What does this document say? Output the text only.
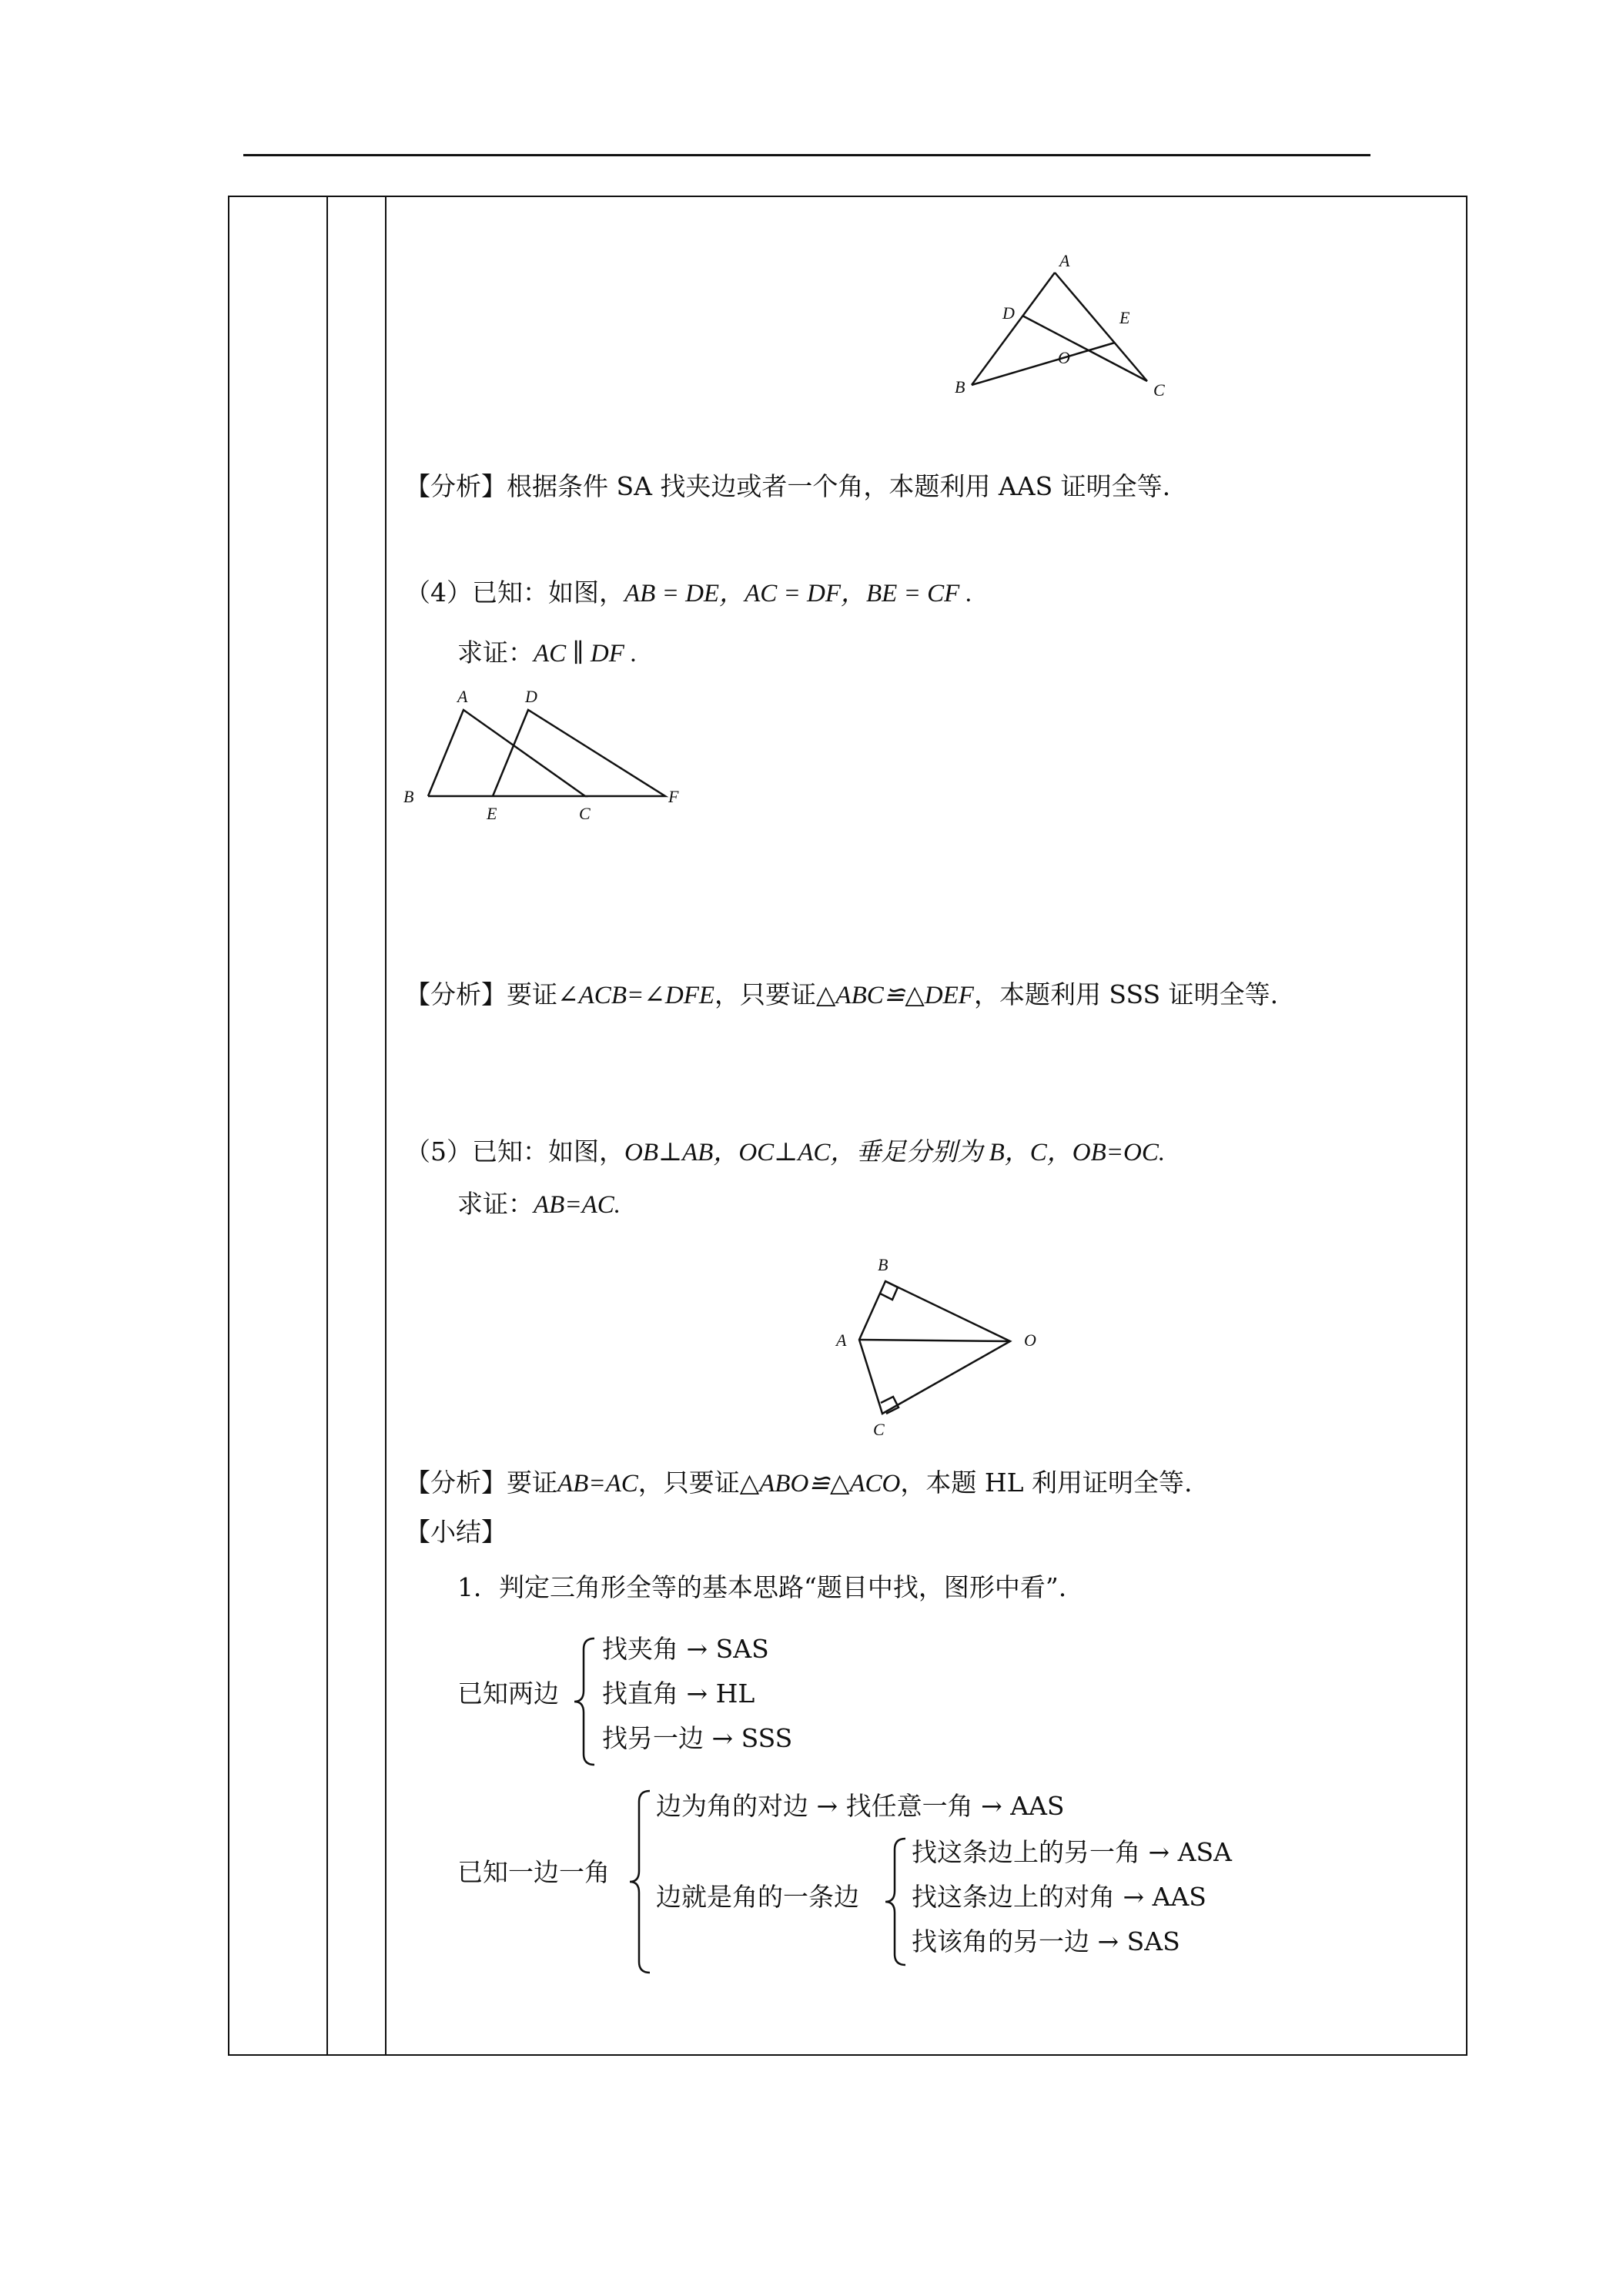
A
D	E
O
B	C
【分析】根据条件 SA 找夹边或者一个角，本题利用 AAS 证明全等.
（4）已知：如图，AB = DE，AC = DF，BE = CF .
求证：AC ∥ DF .
A	D
B
E	C
F
【分析】要证∠ACB=∠DFE，只要证△ABC≌△DEF，本题利用 SSS 证明全等.
（5）已知：如图，OB⊥AB，OC⊥AC，垂足分别为 B，C，OB=OC.
求证：AB=AC.
B
A	O
C
【分析】要证AB=AC，只要证△ABO≌△ACO，本题 HL 利用证明全等.
【小结】
1．判定三角形全等的基本思路“题目中找，图形中看”.
已知两边
找夹角 → SAS
找直角 → HL
找另一边 → SSS
已知一边一角
边为角的对边 → 找任意一角 → AAS
边就是角的一条边
找这条边上的另一角 → ASA
找这条边上的对角 → AAS
找该角的另一边 → SAS
